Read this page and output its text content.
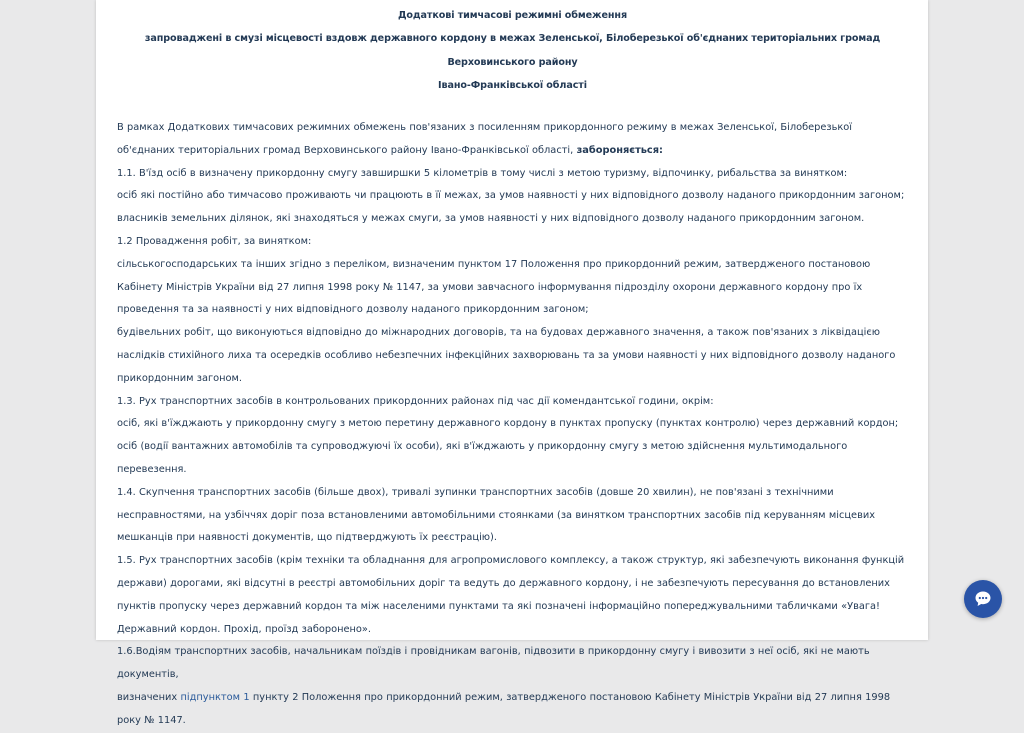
Додаткові тимчасові режимні обмеження

запроваджені в смузі місцевості вздовж державного кордону в межах Зеленської, Білоберезької об'єднаних територіальних громад Верховинського району

Івано-Франківської області

В рамках Додаткових тимчасових режимних обмежень пов'язаних з посиленням прикордонного режиму в межах Зеленської, Білоберезької об'єднаних територіальних громад Верховинського району Івано-Франківської області, забороняється:

1.1. В'їзд осіб в визначену прикордонну смугу завширшки 5 кілометрів в тому числі з метою туризму, відпочинку, рибальства за винятком:

осіб які постійно або тимчасово проживають чи працюють в її межах, за умов наявності у них відповідного дозволу наданого прикордонним загоном;

власників земельних ділянок, які знаходяться у межах смуги, за умов наявності у них відповідного дозволу наданого прикордонним загоном.

1.2 Провадження робіт, за винятком:

сільськогосподарських та інших згідно з переліком, визначеним пунктом 17 Положення про прикордонний режим, затвердженого постановою Кабінету Міністрів України від 27 липня 1998 року № 1147, за умови завчасного інформування підрозділу охорони державного кордону про їх проведення та за наявності у них відповідного дозволу наданого прикордонним загоном;

будівельних робіт, що виконуються відповідно до міжнародних договорів, та на будовах державного значення, а також пов'язаних з ліквідацією наслідків стихійного лиха та осередків особливо небезпечних інфекційних захворювань та за умови наявності у них відповідного дозволу наданого прикордонним загоном.

1.3. Рух транспортних засобів в контрольованих прикордонних районах під час дії комендантської години, окрім:

осіб, які в'їжджають у прикордонну смугу з метою перетину державного кордону в пунктах пропуску (пунктах контролю) через державний кордон;

осіб (водії вантажних автомобілів та супроводжуючі їх особи), які в'їжджають у прикордонну смугу з метою здійснення мультимодального перевезення.

1.4. Скупчення транспортних засобів (більше двох), тривалі зупинки транспортних засобів (довше 20 хвилин), не пов'язані з технічними несправностями, на узбіччях доріг поза встановленими автомобільними стоянками (за винятком транспортних засобів під керуванням місцевих мешканців при наявності документів, що підтверджують їх реєстрацію).

1.5. Рух транспортних засобів (крім техніки та обладнання для агропромислового комплексу, а також структур, які забезпечують виконання функцій держави) дорогами, які відсутні в реєстрі автомобільних доріг та ведуть до державного кордону, і не забезпечують пересування до встановлених пунктів пропуску через державний кордон та між населеними пунктами та які позначені інформаційно попереджувальними табличками «Увага! Державний кордон. Прохід, проїзд заборонено».

1.6.Водіям транспортних засобів, начальникам поїздів і провідникам вагонів, підвозити в прикордонну смугу і вивозити з неї осіб, які не мають документів,

визначених підпунктом 1 пункту 2 Положення про прикордонний режим, затвердженого постановою Кабінету Міністрів України від 27 липня 1998 року № 1147.
